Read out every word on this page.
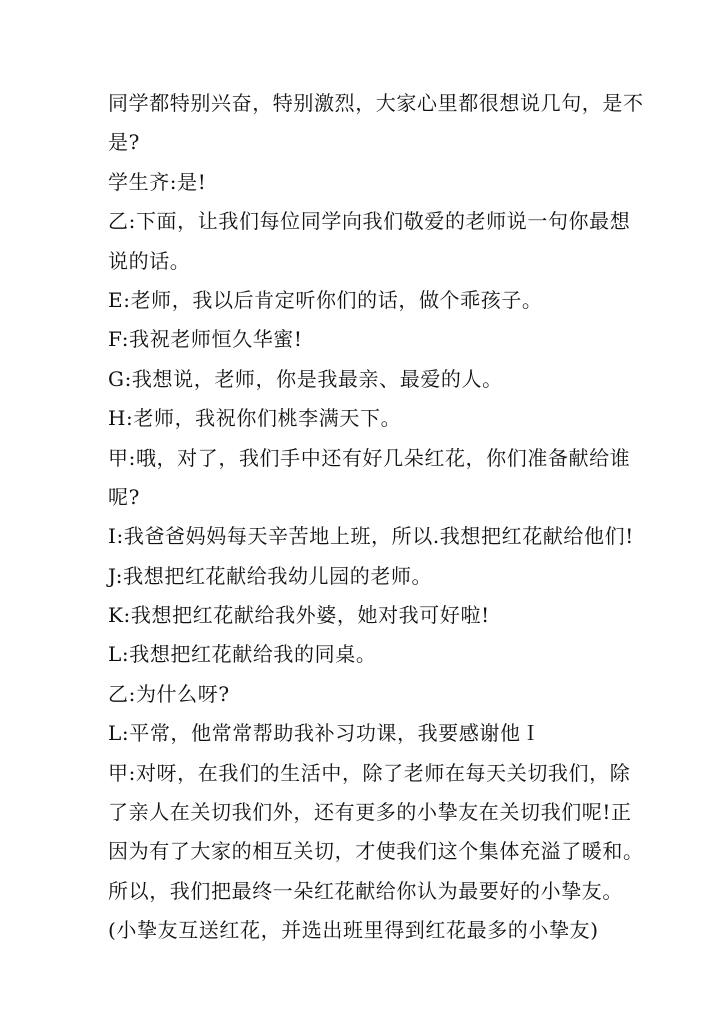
同学都特别兴奋，特别激烈，大家心里都很想说几句，是不
是?
学生齐:是!
乙:下面，让我们每位同学向我们敬爱的老师说一句你最想
说的话。
E:老师，我以后肯定听你们的话，做个乖孩子。
F:我祝老师恒久华蜜!
G:我想说，老师，你是我最亲、最爱的人。
H:老师，我祝你们桃李满天下。
甲:哦，对了，我们手中还有好几朵红花，你们准备献给谁
呢?
I:我爸爸妈妈每天辛苦地上班，所以.我想把红花献给他们!
J:我想把红花献给我幼儿园的老师。
K:我想把红花献给我外婆，她对我可好啦!
L:我想把红花献给我的同桌。
乙:为什么呀?
L:平常，他常常帮助我补习功课，我要感谢他Ｉ
甲:对呀，在我们的生活中，除了老师在每天关切我们，除
了亲人在关切我们外，还有更多的小挚友在关切我们呢!正
因为有了大家的相互关切，才使我们这个集体充溢了暖和。
所以，我们把最终一朵红花献给你认为最要好的小挚友。
(小挚友互送红花，并选出班里得到红花最多的小挚友)
